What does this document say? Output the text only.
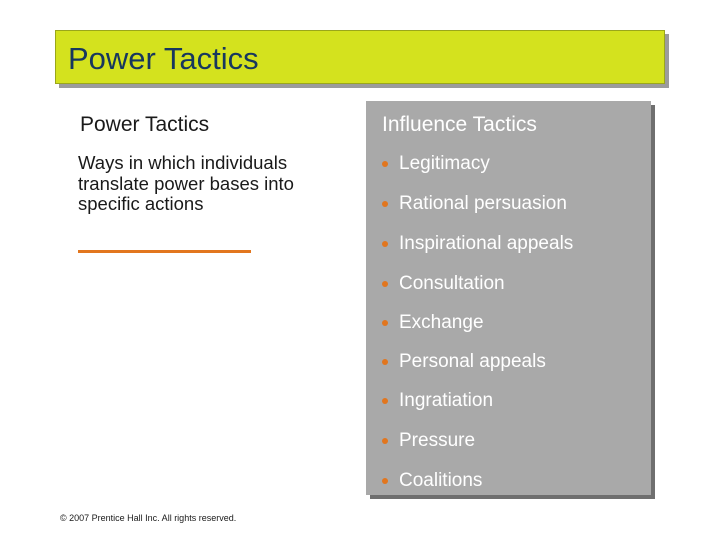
Power Tactics
Power Tactics
Ways in which individuals translate power bases into specific actions
Influence Tactics
Legitimacy
Rational persuasion
Inspirational appeals
Consultation
Exchange
Personal appeals
Ingratiation
Pressure
Coalitions
© 2007 Prentice Hall Inc. All rights reserved.
